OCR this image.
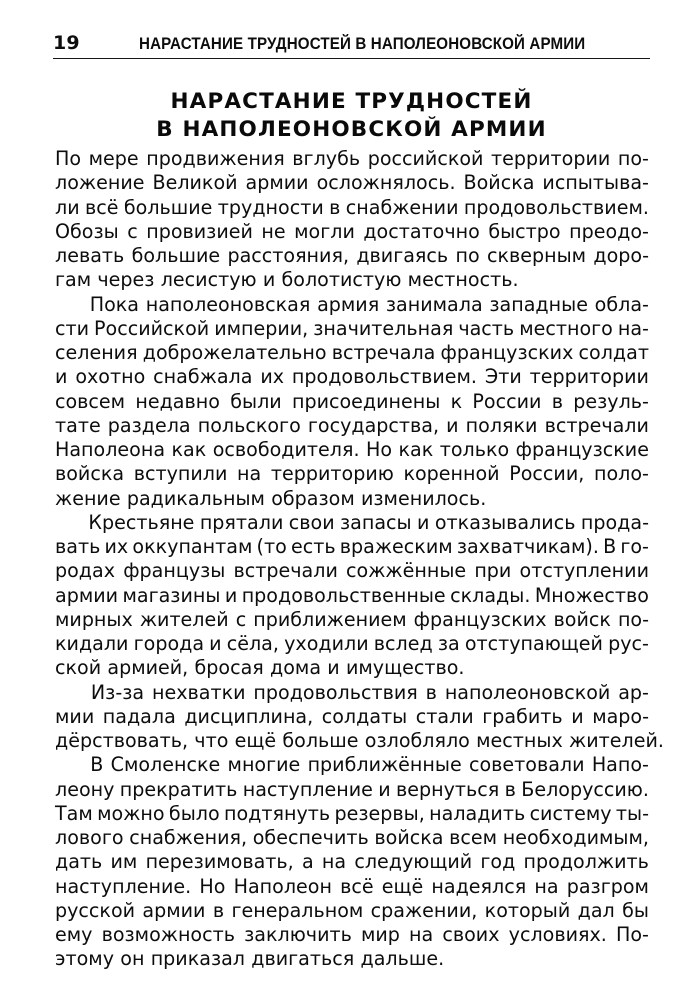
19	НАРАСТАНИЕ ТРУДНОСТЕЙ В НАПОЛЕОНОВСКОЙ АРМИИ
НАРАСТАНИЕ ТРУДНОСТЕЙ
В НАПОЛЕОНОВСКОЙ АРМИИ

По мере продвижения вглубь российской территории по-
ложение Великой армии осложнялось. Войска испытыва-
ли всё большие трудности в снабжении продовольствием.
Обозы с провизией не могли достаточно быстро преодо-
левать большие расстояния, двигаясь по скверным доро-
гам через лесистую и болотистую местность.

Пока наполеоновская армия занимала западные обла-
сти Российской империи, значительная часть местного на-
селения доброжелательно встречала французских солдат
и охотно снабжала их продовольствием. Эти территории
совсем недавно были присоединены к России в резуль-
тате раздела польского государства, и поляки встречали
Наполеона как освободителя. Но как только французские
войска вступили на территорию коренной России, поло-
жение радикальным образом изменилось.

Крестьяне прятали свои запасы и отказывались прода-
вать их оккупантам (то есть вражеским захватчикам). В го-
родах французы встречали сожжённые при отступлении
армии магазины и продовольственные склады. Множество
мирных жителей с приближением французских войск по-
кидали города и сёла, уходили вслед за отступающей рус-
ской армией, бросая дома и имущество.

Из-за нехватки продовольствия в наполеоновской ар-
мии падала дисциплина, солдаты стали грабить и маро-
дёрствовать, что ещё больше озлобляло местных жителей.

В Смоленске многие приближённые советовали Напо-
леону прекратить наступление и вернуться в Белоруссию.
Там можно было подтянуть резервы, наладить систему ты-
лового снабжения, обеспечить войска всем необходимым,
дать им перезимовать, а на следующий год продолжить
наступление. Но Наполеон всё ещё надеялся на разгром
русской армии в генеральном сражении, который дал бы
ему возможность заключить мир на своих условиях. По-
этому он приказал двигаться дальше.
